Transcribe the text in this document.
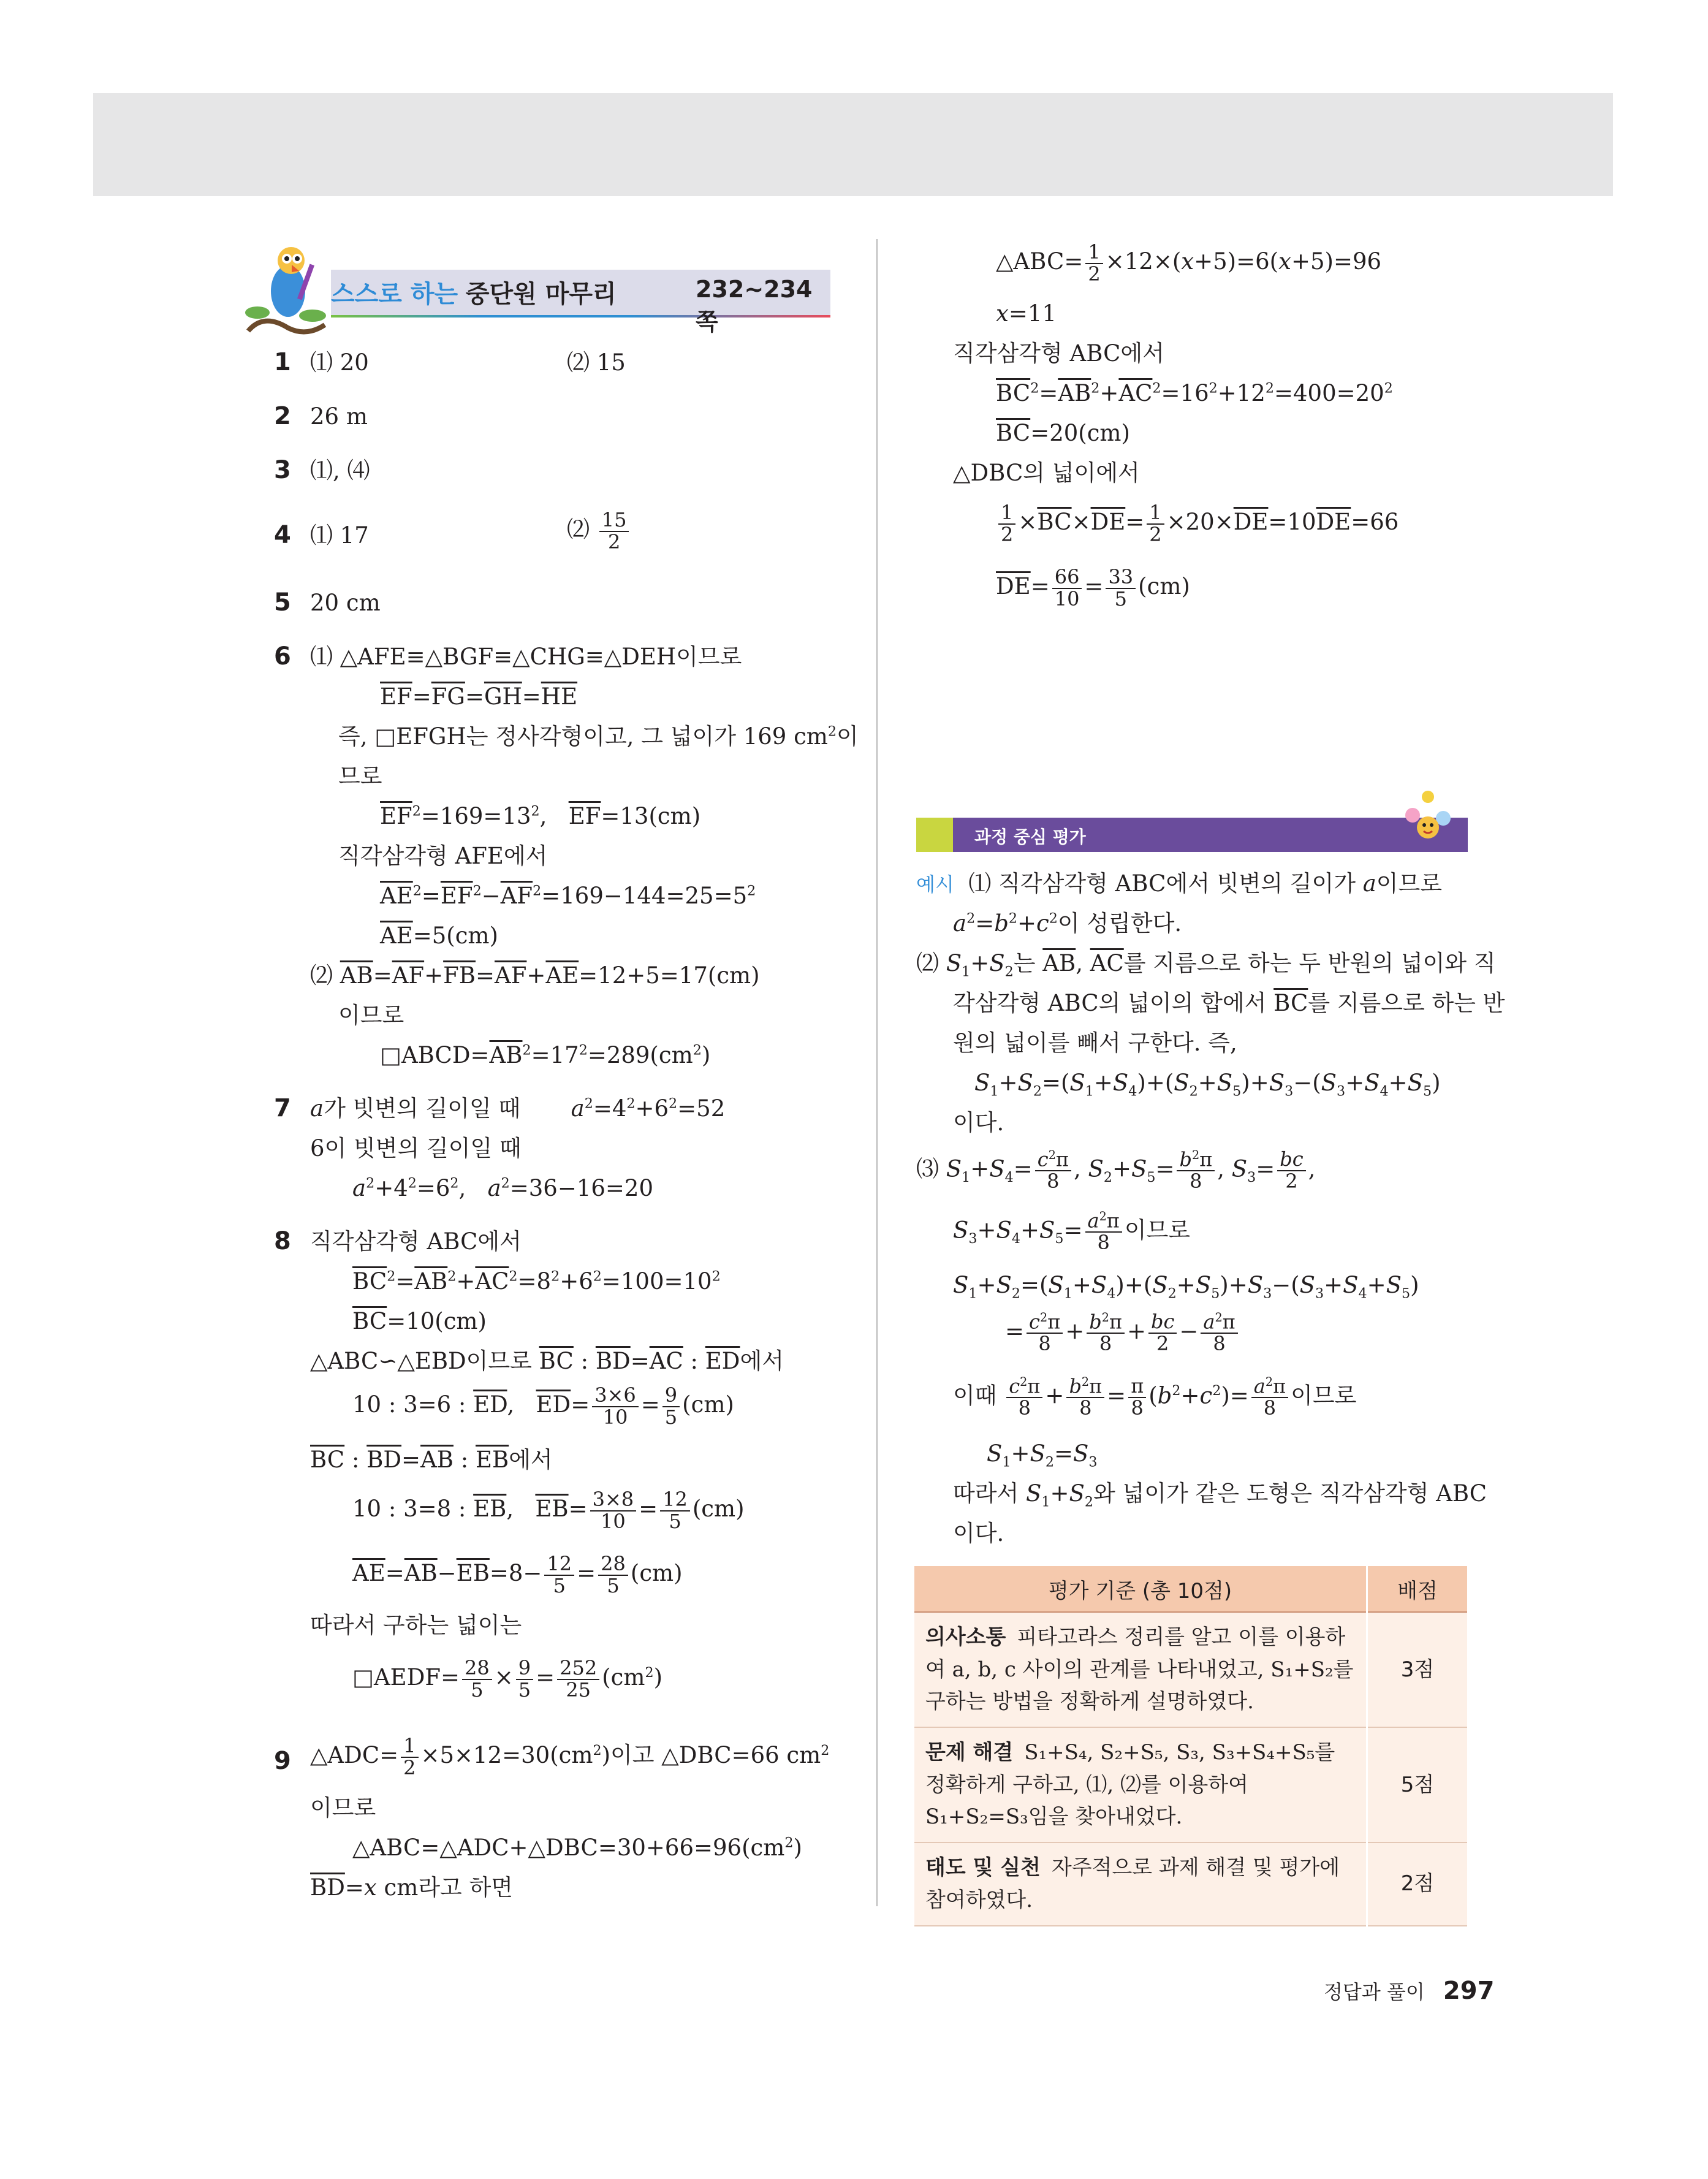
스스로 하는 중단원 마무리	232~234쪽
1 ⑴ 20	⑵ 15
2 26 m
3 ⑴, ⑷
4 ⑴ 17	⑵ $\frac{15}{2}$
5 20 cm
6 ⑴ △AFE≡△BGF≡△CHG≡△DEH이므로
$\overline{EF}=\overline{FG}=\overline{GH}=\overline{HE}$
즉, □EFGH는 정사각형이고, 그 넓이가 169 $cm^2$이
므로
$\overline{EF}^2=169=13^2$,   $\overline{EF}=13(cm)$
직각삼각형 AFE에서
$\overline{AE}^2=\overline{EF}^2-\overline{AF}^2=169-144=25=5^2$
$\overline{AE}=5(cm)$
⑵ $\overline{AB}=\overline{AF}+\overline{FB}=\overline{AF}+\overline{AE}=12+5=17(cm)$
이므로
$□ABCD=\overline{AB}^2=17^2=289(cm^2)$
7 a가 빗변의 길이일 때       $a^2=4^2+6^2=52$
6이 빗변의 길이일 때
$a^2+4^2=6^2$,   $a^2=36-16=20$
8 직각삼각형 ABC에서
$\overline{BC}^2=\overline{AB}^2+\overline{AC}^2=8^2+6^2=100=10^2$
$\overline{BC}=10(cm)$
△ABC∽△EBD이므로 $\overline{BC}$ : $\overline{BD}=\overline{AC}$ : $\overline{ED}$에서
10 : 3=6 : $\overline{ED}$,   $\overline{ED}= \frac{3\times 6}{10} = \frac{9}{5} (cm)$
$\overline{BC}$ : $\overline{BD}=\overline{AB}$ : $\overline{EB}$에서
10 : 3=8 : $\overline{EB}$,   $\overline{EB}= \frac{3\times 8}{10} = \frac{12}{5} (cm)$
$\overline{AE}=\overline{AB}-\overline{EB}=8- \frac{12}{5} = \frac{28}{5} (cm)$
따라서 구하는 넓이는
□AEDF= $\frac{28}{5} \times \frac{9}{5} = \frac{252}{25} (cm^2)$
9 △ADC= $\frac{1}{2} \times 5\times 12=30(cm^2)$이고 △DBC=66 $cm^2$
이므로
$\triangle ABC=\triangle ADC+\triangle DBC=30+66=96(cm^2)$
$\overline{BD}=x$ cm라고 하면
△ABC= $\frac{1}{2} \times 12\times(x+5)=6(x+5)=96$
x=11
직각삼각형 ABC에서
$\overline{BC}^2=\overline{AB}^2+\overline{AC}^2=16^2+12^2=400=20^2$
$\overline{BC}=20(cm)$
△DBC의 넓이에서
$\frac{1}{2} \times\overline{BC}\times\overline{DE}= \frac{1}{2} \times 20\times\overline{DE}=10\overline{DE}=66$
$\overline{DE}= \frac{66}{10} = \frac{33}{5} (cm)$
과정 중심 평가
예시  ⑴ 직각삼각형 ABC에서 빗변의 길이가 a이므로
$a^2=b^2+c^2$이 성립한다.
⑵ $S_1+S_2$는 $\overline{AB}$, $\overline{AC}$를 지름으로 하는 두 반원의 넓이와 직
각삼각형 ABC의 넓이의 합에서 $\overline{BC}$를 지름으로 하는 반
원의 넓이를 빼서 구한다. 즉,
$S_1+S_2=(S_1+S_4)+(S_2+S_5)+S_3-(S_3+S_4+S_5)$
이다.
⑶ $S_1+S_4= \frac{c^2\pi}{8}$ , $S_2+S_5= \frac{b^2\pi}{8}$ , $S_3= \frac{bc}{2}$ ,
$S_3+S_4+S_5= \frac{a^2\pi}{8}$ 이므로
$S_1+S_2=(S_1+S_4)+(S_2+S_5)+S_3-(S_3+S_4+S_5)$
= $\frac{c^2\pi}{8} + \frac{b^2\pi}{8} + \frac{bc}{2} - \frac{a^2\pi}{8}$
이때 $\frac{c^2\pi}{8} + \frac{b^2\pi}{8} = \frac{\pi}{8} (b^2+c^2)= \frac{a^2\pi}{8}$ 이므로
$S_1+S_2=S_3$
따라서 $S_1+S_2$와 넓이가 같은 도형은 직각삼각형 ABC
이다.
평가 기준 (총 10점)	배점
의사소통 피타고라스 정리를 알고 이를 이용하여 a, b, c 사이의 관계를 나타내었고, S₁+S₂를 구하는 방법을 정확하게 설명하였다.	3점
문제 해결 S₁+S₄, S₂+S₅, S₃, S₃+S₄+S₅를 정확하게 구하고, ⑴, ⑵를 이용하여 S₁+S₂=S₃임을 찾아내었다.	5점
태도 및 실천 자주적으로 과제 해결 및 평가에 참여하였다.	2점
정답과 풀이 297
